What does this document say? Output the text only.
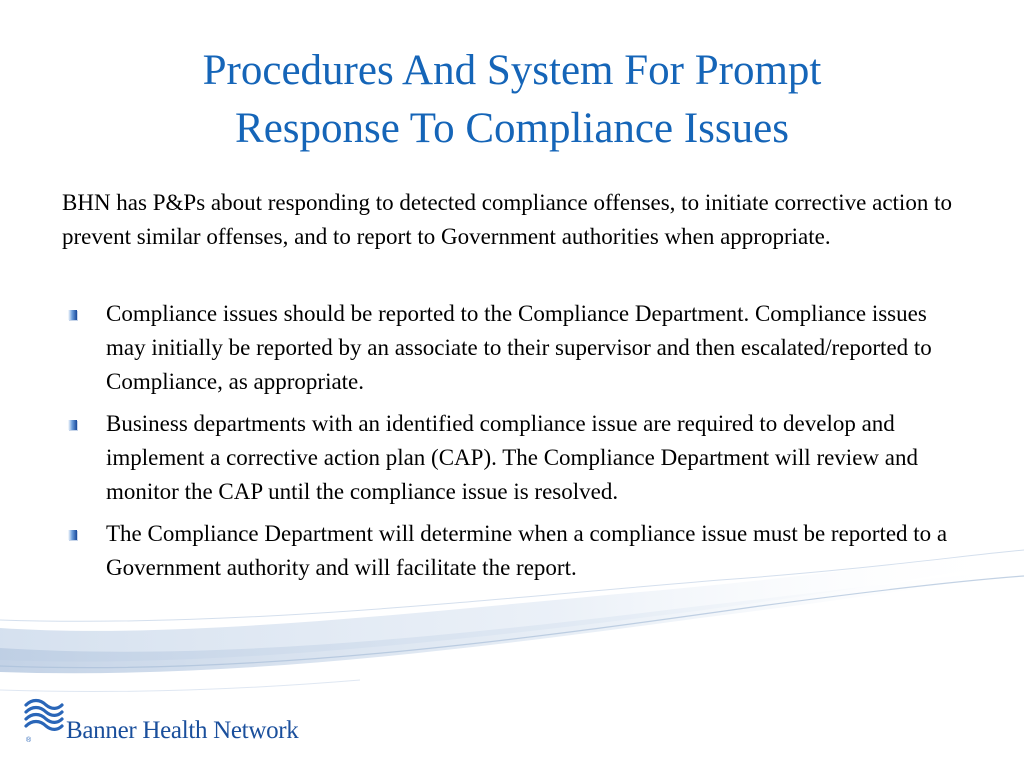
Procedures And System For Prompt
Response To Compliance Issues
BHN has P&Ps about responding to detected compliance offenses, to initiate corrective action to prevent similar offenses, and to report to Government authorities when appropriate.
Compliance issues should be reported to the Compliance Department. Compliance issues may initially be reported by an associate to their supervisor and then escalated/reported to Compliance, as appropriate.
Business departments with an identified compliance issue are required to develop and implement a corrective action plan (CAP). The Compliance Department will review and monitor the CAP until the compliance issue is resolved.
The Compliance Department will determine when a compliance issue must be reported to a Government authority and will facilitate the report.
® Banner Health Network
